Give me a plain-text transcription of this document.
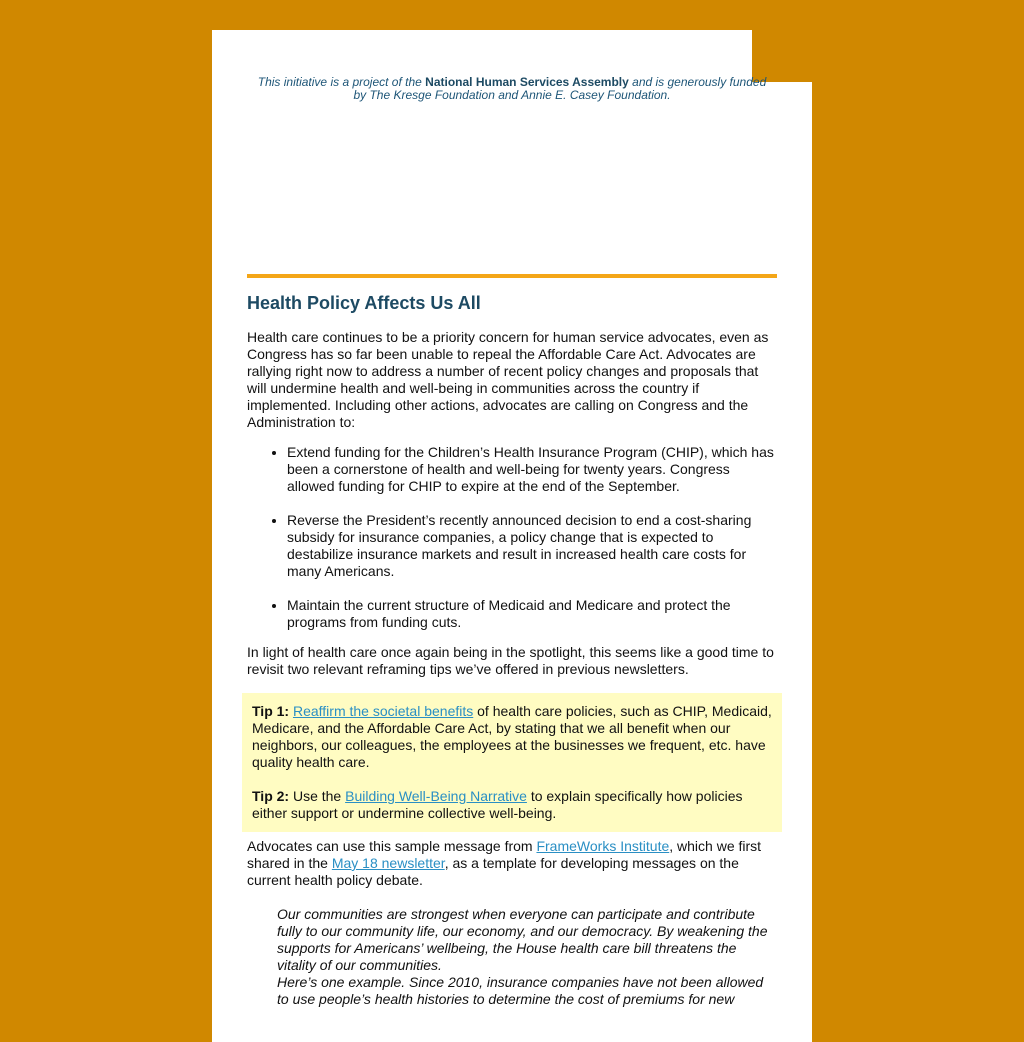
This initiative is a project of the National Human Services Assembly and is generously funded by The Kresge Foundation and Annie E. Casey Foundation.

Health Policy Affects Us All

Health care continues to be a priority concern for human service advocates, even as Congress has so far been unable to repeal the Affordable Care Act. Advocates are rallying right now to address a number of recent policy changes and proposals that will undermine health and well-being in communities across the country if implemented. Including other actions, advocates are calling on Congress and the Administration to:

• Extend funding for the Children’s Health Insurance Program (CHIP), which has been a cornerstone of health and well-being for twenty years. Congress allowed funding for CHIP to expire at the end of the September.
• Reverse the President’s recently announced decision to end a cost-sharing subsidy for insurance companies, a policy change that is expected to destabilize insurance markets and result in increased health care costs for many Americans.
• Maintain the current structure of Medicaid and Medicare and protect the programs from funding cuts.

In light of health care once again being in the spotlight, this seems like a good time to revisit two relevant reframing tips we’ve offered in previous newsletters.

Tip 1: Reaffirm the societal benefits of health care policies, such as CHIP, Medicaid, Medicare, and the Affordable Care Act, by stating that we all benefit when our neighbors, our colleagues, the employees at the businesses we frequent, etc. have quality health care.

Tip 2: Use the Building Well-Being Narrative to explain specifically how policies either support or undermine collective well-being.

Advocates can use this sample message from FrameWorks Institute, which we first shared in the May 18 newsletter, as a template for developing messages on the current health policy debate.

Our communities are strongest when everyone can participate and contribute fully to our community life, our economy, and our democracy. By weakening the supports for Americans’ wellbeing, the House health care bill threatens the vitality of our communities.

Here’s one example. Since 2010, insurance companies have not been allowed to use people’s health histories to determine the cost of premiums for new
